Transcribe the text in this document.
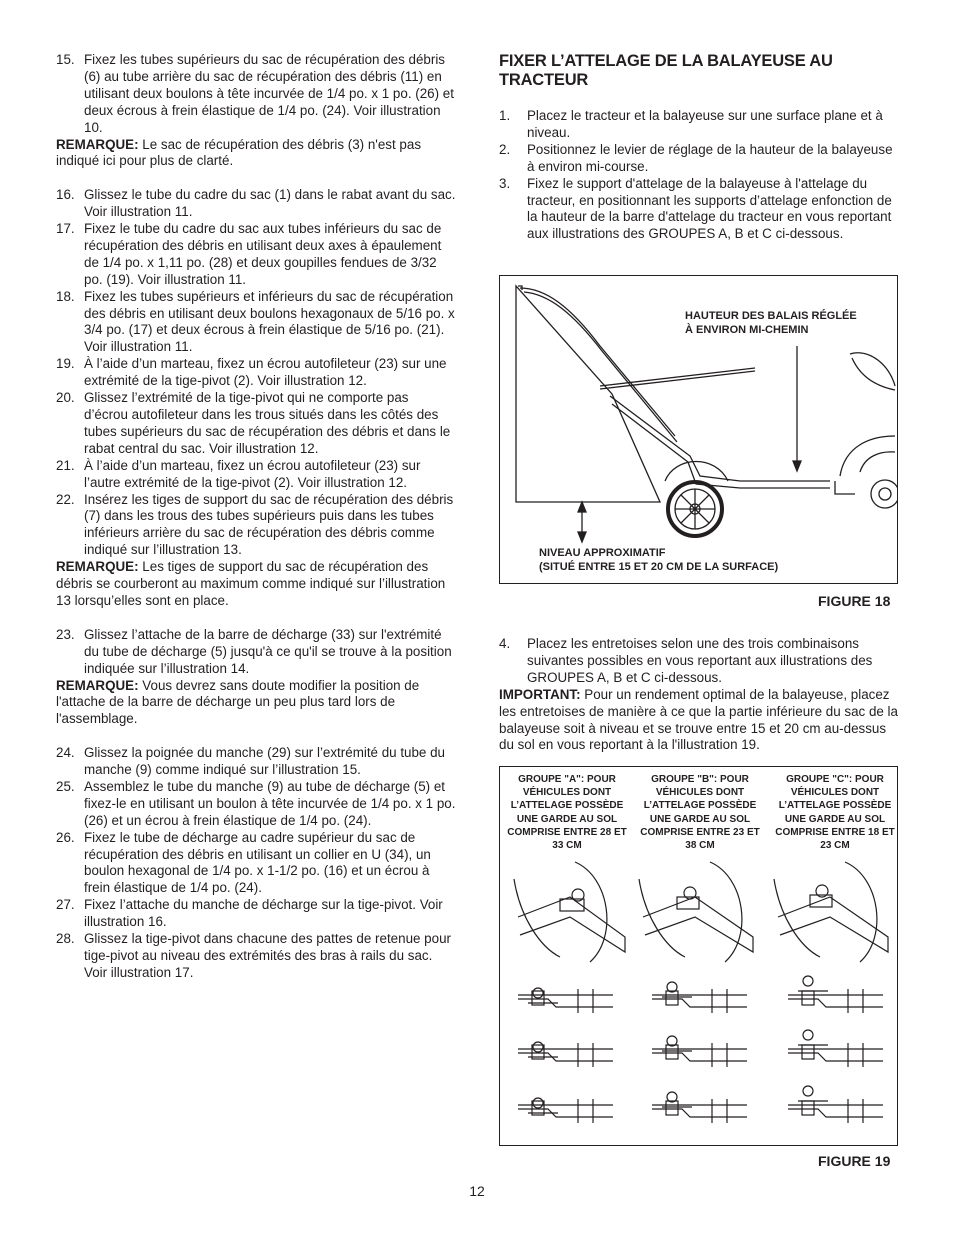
15. Fixez les tubes supérieurs du sac de récupération des débris (6) au tube arrière du sac de récupération des débris (11) en utilisant deux boulons à tête incurvée de 1/4 po. x 1 po. (26) et deux écrous à frein élastique de 1/4 po. (24). Voir illustration 10.
REMARQUE: Le sac de récupération des débris (3) n'est pas indiqué ici pour plus de clarté.
16. Glissez le tube du cadre du sac (1) dans le rabat avant du sac. Voir illustration 11.
17. Fixez le tube du cadre du sac aux tubes inférieurs du sac de récupération des débris en utilisant deux axes à épaulement de 1/4 po. x 1,11 po. (28) et deux goupilles fendues de 3/32 po. (19). Voir illustration 11.
18. Fixez les tubes supérieurs et inférieurs du sac de récupération des débris en utilisant deux boulons hexagonaux de 5/16 po. x 3/4 po. (17) et deux écrous à frein élastique de 5/16 po. (21). Voir illustration 11.
19. À l’aide d’un marteau, fixez un écrou autofileteur (23) sur une extrémité de la tige-pivot (2). Voir illustration 12.
20. Glissez l’extrémité de la tige-pivot qui ne comporte pas d’écrou autofileteur dans les trous situés dans les côtés des tubes supérieurs du sac de récupération des débris et dans le rabat central du sac. Voir illustration 12.
21. À l’aide d’un marteau, fixez un écrou autofileteur (23) sur l’autre extrémité de la tige-pivot (2). Voir illustration 12.
22. Insérez les tiges de support du sac de récupération des débris (7) dans les trous des tubes supérieurs puis dans les tubes inférieurs arrière du sac de récupération des débris comme indiqué sur l’illustration 13.
REMARQUE: Les tiges de support du sac de récupération des débris se courberont au maximum comme indiqué sur l’illustration 13 lorsqu’elles sont en place.
23. Glissez l’attache de la barre de décharge (33) sur l'extrémité du tube de décharge (5) jusqu'à ce qu'il se trouve à la position indiquée sur l’illustration 14.
REMARQUE: Vous devrez sans doute modifier la position de l'attache de la barre de décharge un peu plus tard lors de l'assemblage.
24. Glissez la poignée du manche (29) sur l’extrémité du tube du manche (9) comme indiqué sur l’illustration 15.
25. Assemblez le tube du manche (9) au tube de décharge (5) et fixez-le en utilisant un boulon à tête incurvée de 1/4 po. x 1 po. (26) et un écrou à frein élastique de 1/4 po. (24).
26. Fixez le tube de décharge au cadre supérieur du sac de récupération des débris en utilisant un collier en U (34), un boulon hexagonal de 1/4 po. x 1-1/2 po. (16) et un écrou à frein élastique de 1/4 po. (24).
27. Fixez l’attache du manche de décharge sur la tige-pivot. Voir illustration 16.
28. Glissez la tige-pivot dans chacune des pattes de retenue pour tige-pivot au niveau des extrémités des bras à rails du sac. Voir illustration 17.
FIXER L’ATTELAGE DE LA BALAYEUSE AU TRACTEUR
1.	Placez le tracteur et la balayeuse sur une surface plane et à niveau.
2.	Positionnez le levier de réglage de la hauteur de la balayeuse à environ mi-course.
3.	Fixez le support d'attelage de la balayeuse à l'attelage du tracteur, en positionnant les supports d’attelage enfonction de la hauteur de la barre d'attelage du tracteur en vous reportant aux illustrations des GROUPES A, B et C ci-dessous.
4.	Placez les entretoises selon une des trois combinaisons suivantes possibles en vous reportant aux illustrations des GROUPES A, B et C ci-dessous.
IMPORTANT: Pour un rendement optimal de la balayeuse, placez les entretoises de manière à ce que la partie inférieure du sac de la balayeuse soit à niveau et se trouve entre 15 et 20 cm au-dessus du sol en vous reportant à la l'illustration 19.
HAUTEUR DES BALAIS RÉGLÉE
À ENVIRON MI-CHEMIN
NIVEAU APPROXIMATIF
(SITUÉ ENTRE 15 ET 20 CM DE LA SURFACE)
FIGURE 18
GROUPE "A": POUR VÉHICULES DONT L’ATTELAGE POSSÈDE UNE GARDE AU SOL COMPRISE ENTRE 28 ET 33 CM
GROUPE "B": POUR VÉHICULES DONT L’ATTELAGE POSSÈDE UNE GARDE AU SOL COMPRISE ENTRE 23 ET 38 CM
GROUPE "C": POUR VÉHICULES DONT L’ATTELAGE POSSÈDE UNE GARDE AU SOL COMPRISE ENTRE 18 ET 23 CM
FIGURE 19
12
